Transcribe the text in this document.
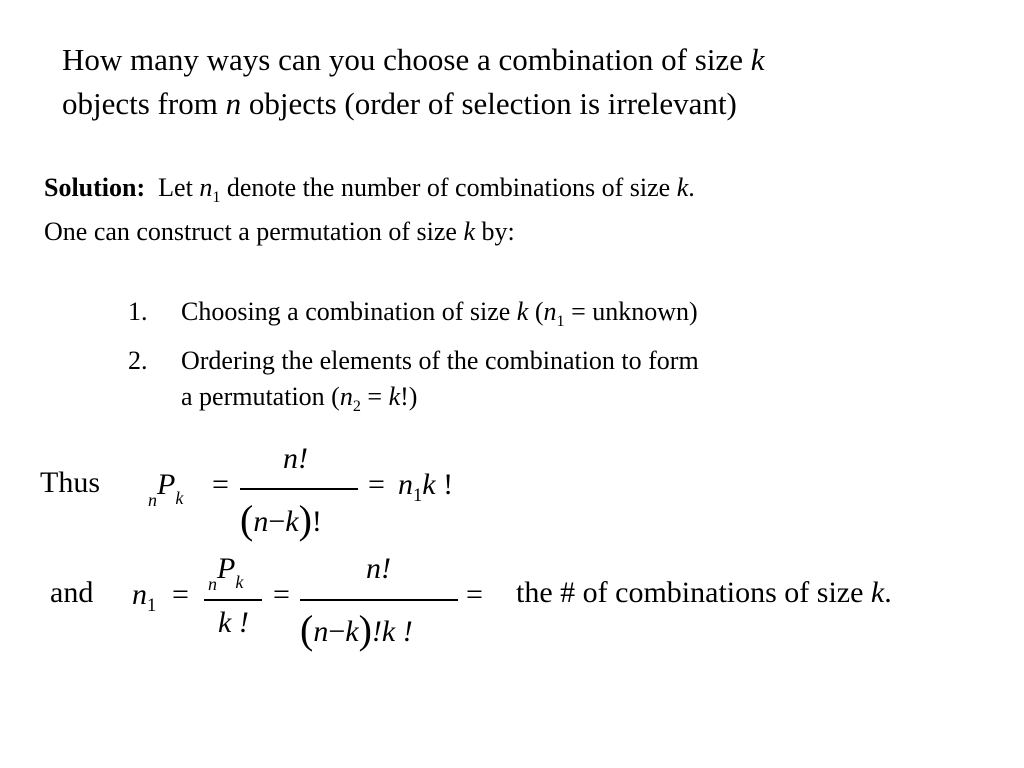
How many ways can you choose a combination of size k
objects from n objects (order of selection is irrelevant)
Solution: Let $n_1$ denote the number of combinations of size k.
One can construct a permutation of size k by:
1. Choosing a combination of size k ($n_1$ = unknown)
2. Ordering the elements of the combination to form
a permutation $(n_2 = k!)$
Thus
$_nP_k$ =
n!
(n−k)!
= $n_1k$ !
and $n_1 = _nP_k$
k !
=
n!
(n−k)!k !
= the # of combinations of size k.
